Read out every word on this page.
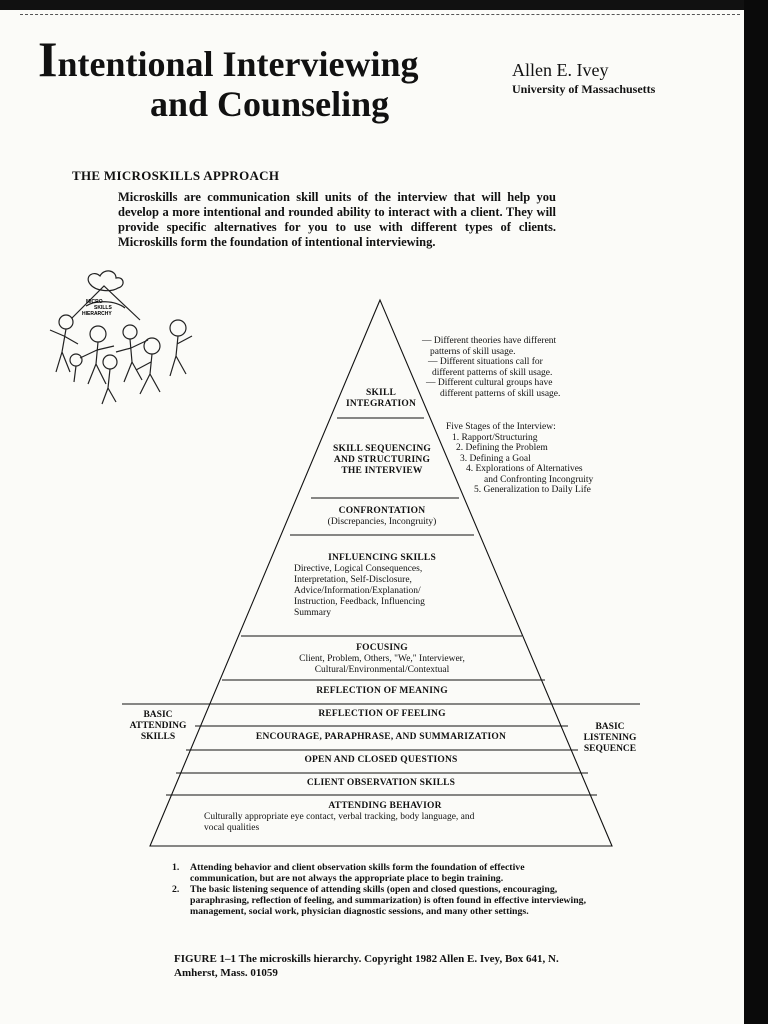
Intentional Interviewing
and Counseling
Allen E. Ivey
University of Massachusetts
THE MICROSKILLS APPROACH
Microskills are communication skill units of the interview that will help you develop a more intentional and rounded ability to interact with a client. They will provide specific alternatives for you to use with different types of clients. Microskills form the foundation of intentional interviewing.
MICRO
SKILLS
HIERARCHY
SKILL INTEGRATION
SKILL SEQUENCING
AND STRUCTURING
THE INTERVIEW
CONFRONTATION
(Discrepancies, Incongruity)
INFLUENCING SKILLS
Directive, Logical Consequences,
Interpretation, Self-Disclosure,
Advice/Information/Explanation/
Instruction, Feedback, Influencing
Summary
FOCUSING
Client, Problem, Others, "We," Interviewer,
Cultural/Environmental/Contextual
REFLECTION OF MEANING
REFLECTION OF FEELING
ENCOURAGE, PARAPHRASE, AND SUMMARIZATION
OPEN AND CLOSED QUESTIONS
CLIENT OBSERVATION SKILLS
ATTENDING BEHAVIOR
Culturally appropriate eye contact, verbal tracking, body language, and
vocal qualities
— Different theories have different
patterns of skill usage.
— Different situations call for
different patterns of skill usage.
— Different cultural groups have
different patterns of skill usage.
Five Stages of the Interview:
1. Rapport/Structuring
2. Defining the Problem
3. Defining a Goal
4. Explorations of Alternatives
and Confronting Incongruity
5. Generalization to Daily Life
BASIC
ATTENDING
SKILLS
BASIC
LISTENING
SEQUENCE
1.	Attending behavior and client observation skills form the foundation of effective communication, but are not always the appropriate place to begin training.
2.	The basic listening sequence of attending skills (open and closed questions, encouraging, paraphrasing, reflection of feeling, and summarization) is often found in effective interviewing, management, social work, physician diagnostic sessions, and many other settings.
FIGURE 1–1 The microskills hierarchy. Copyright 1982 Allen E. Ivey, Box 641, N. Amherst, Mass. 01059
